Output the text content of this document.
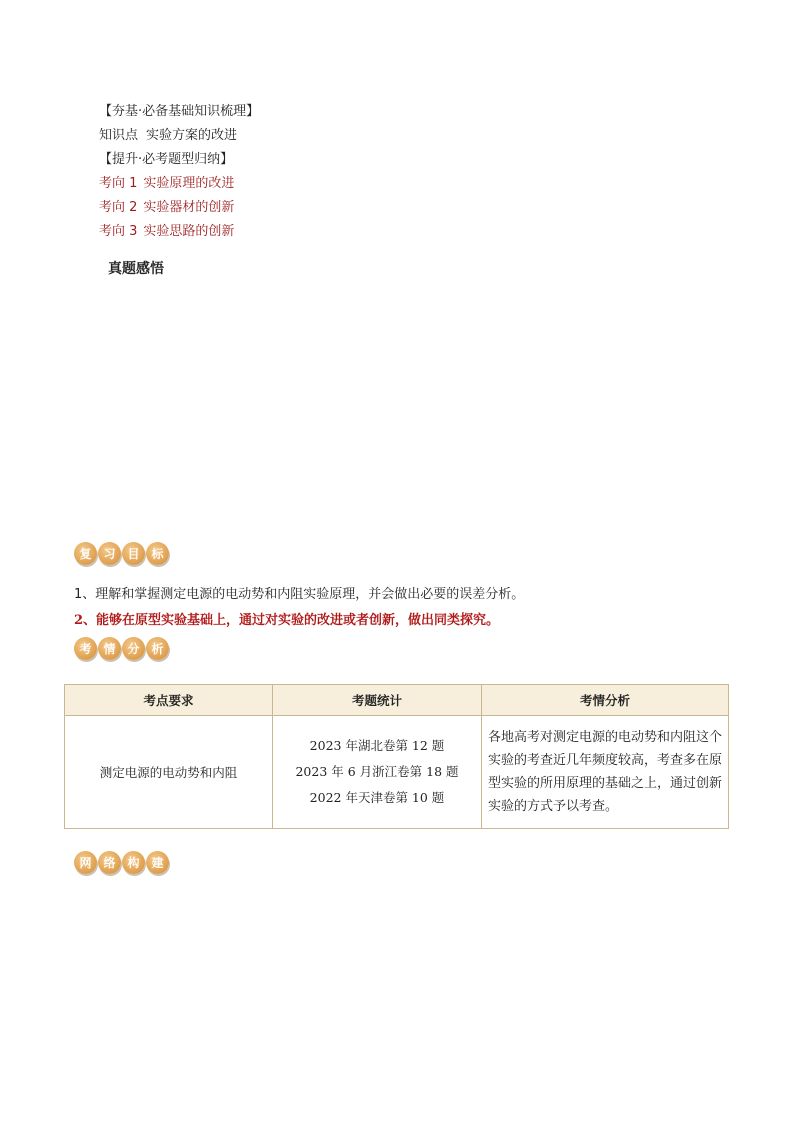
【夯基·必备基础知识梳理】
知识点 实验方案的改进
【提升·必考题型归纳】
考向 1 实验原理的改进
考向 2 实验器材的创新
考向 3 实验思路的创新
真题感悟
复 习 目 标
1、理解和掌握测定电源的电动势和内阻实验原理，并会做出必要的误差分析。
2、能够在原型实验基础上，通过对实验的改进或者创新，做出同类探究。
考 情 分 析
考点要求	考题统计	考情分析
测定电源的电动势和内阻	2023 年湖北卷第 12 题
2023 年 6 月浙江卷第 18 题
2022 年天津卷第 10 题	各地高考对测定电源的电动势和内阻这个实验的考查近几年频度较高，考查多在原型实验的所用原理的基础之上，通过创新实验的方式予以考查。
网 络 构 建
